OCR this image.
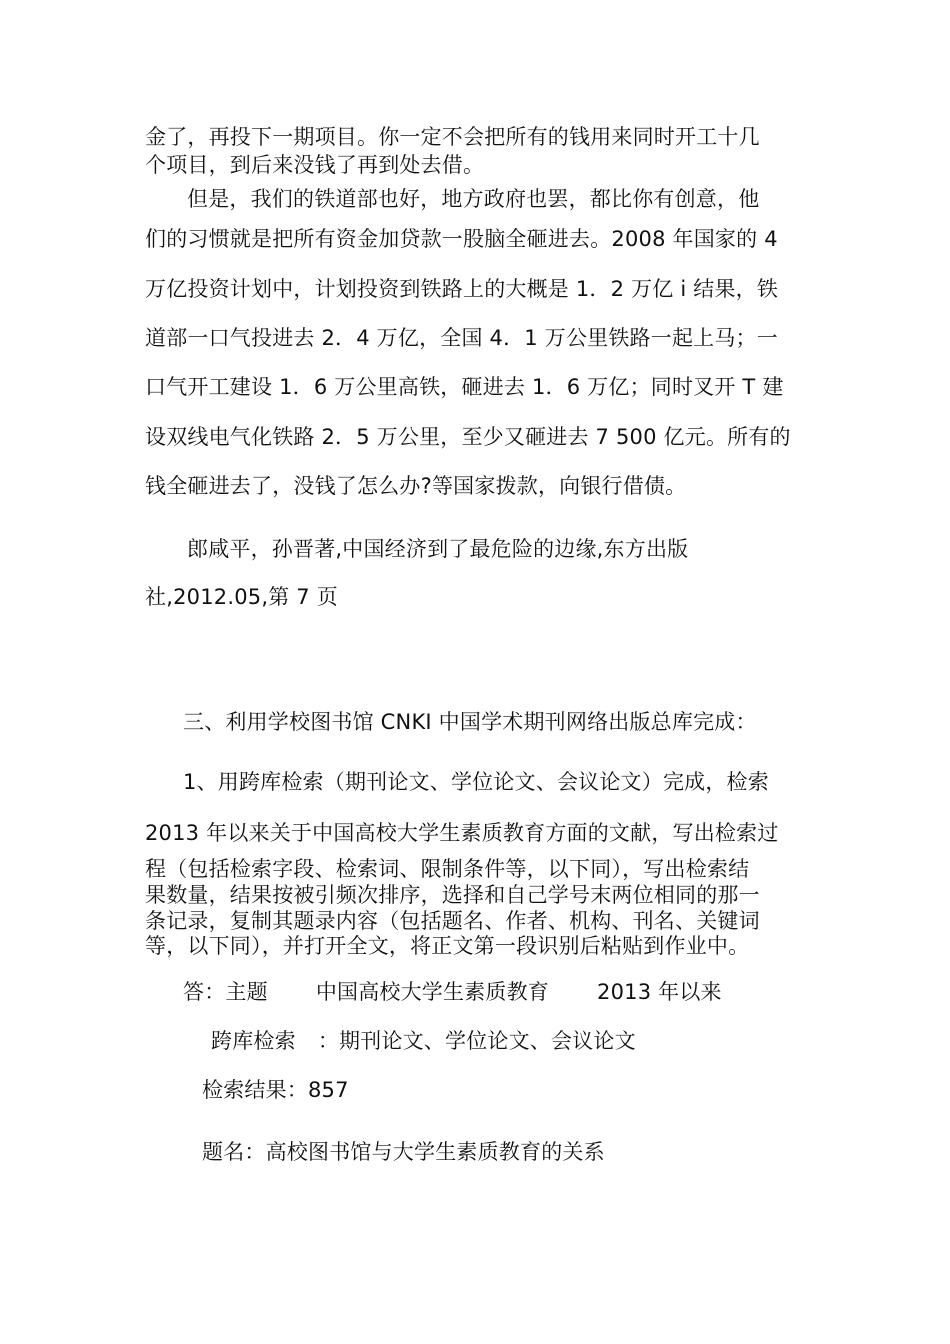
金了，再投下一期项目。你一定不会把所有的钱用来同时开工十几
个项目，到后来没钱了再到处去借。
但是，我们的铁道部也好，地方政府也罢，都比你有创意，他
们的习惯就是把所有资金加贷款一股脑全砸进去。2008 年国家的 4
万亿投资计划中，计划投资到铁路上的大概是 1．2 万亿 i 结果，铁
道部一口气投进去 2．4 万亿，全国 4．1 万公里铁路一起上马；一
口气开工建设 1．6 万公里高铁，砸进去 1．6 万亿；同时叉开 T 建
设双线电气化铁路 2．5 万公里，至少又砸进去 7 500 亿元。所有的
钱全砸进去了，没钱了怎么办?等国家拨款，向银行借债。
郎咸平，孙晋著,中国经济到了最危险的边缘,东方出版
社,2012.05,第 7 页
三、利用学校图书馆 CNKI 中国学术期刊网络出版总库完成：
1、用跨库检索（期刊论文、学位论文、会议论文）完成，检索
2013 年以来关于中国高校大学生素质教育方面的文献，写出检索过
程（包括检索字段、检索词、限制条件等，以下同），写出检索结
果数量，结果按被引频次排序，选择和自己学号末两位相同的那一
条记录，复制其题录内容（包括题名、作者、机构、刊名、关键词
等，以下同），并打开全文，将正文第一段识别后粘贴到作业中。
答：主题 中国高校大学生素质教育 2013 年以来
跨库检索 ：期刊论文、学位论文、会议论文
检索结果：857
题名：高校图书馆与大学生素质教育的关系
